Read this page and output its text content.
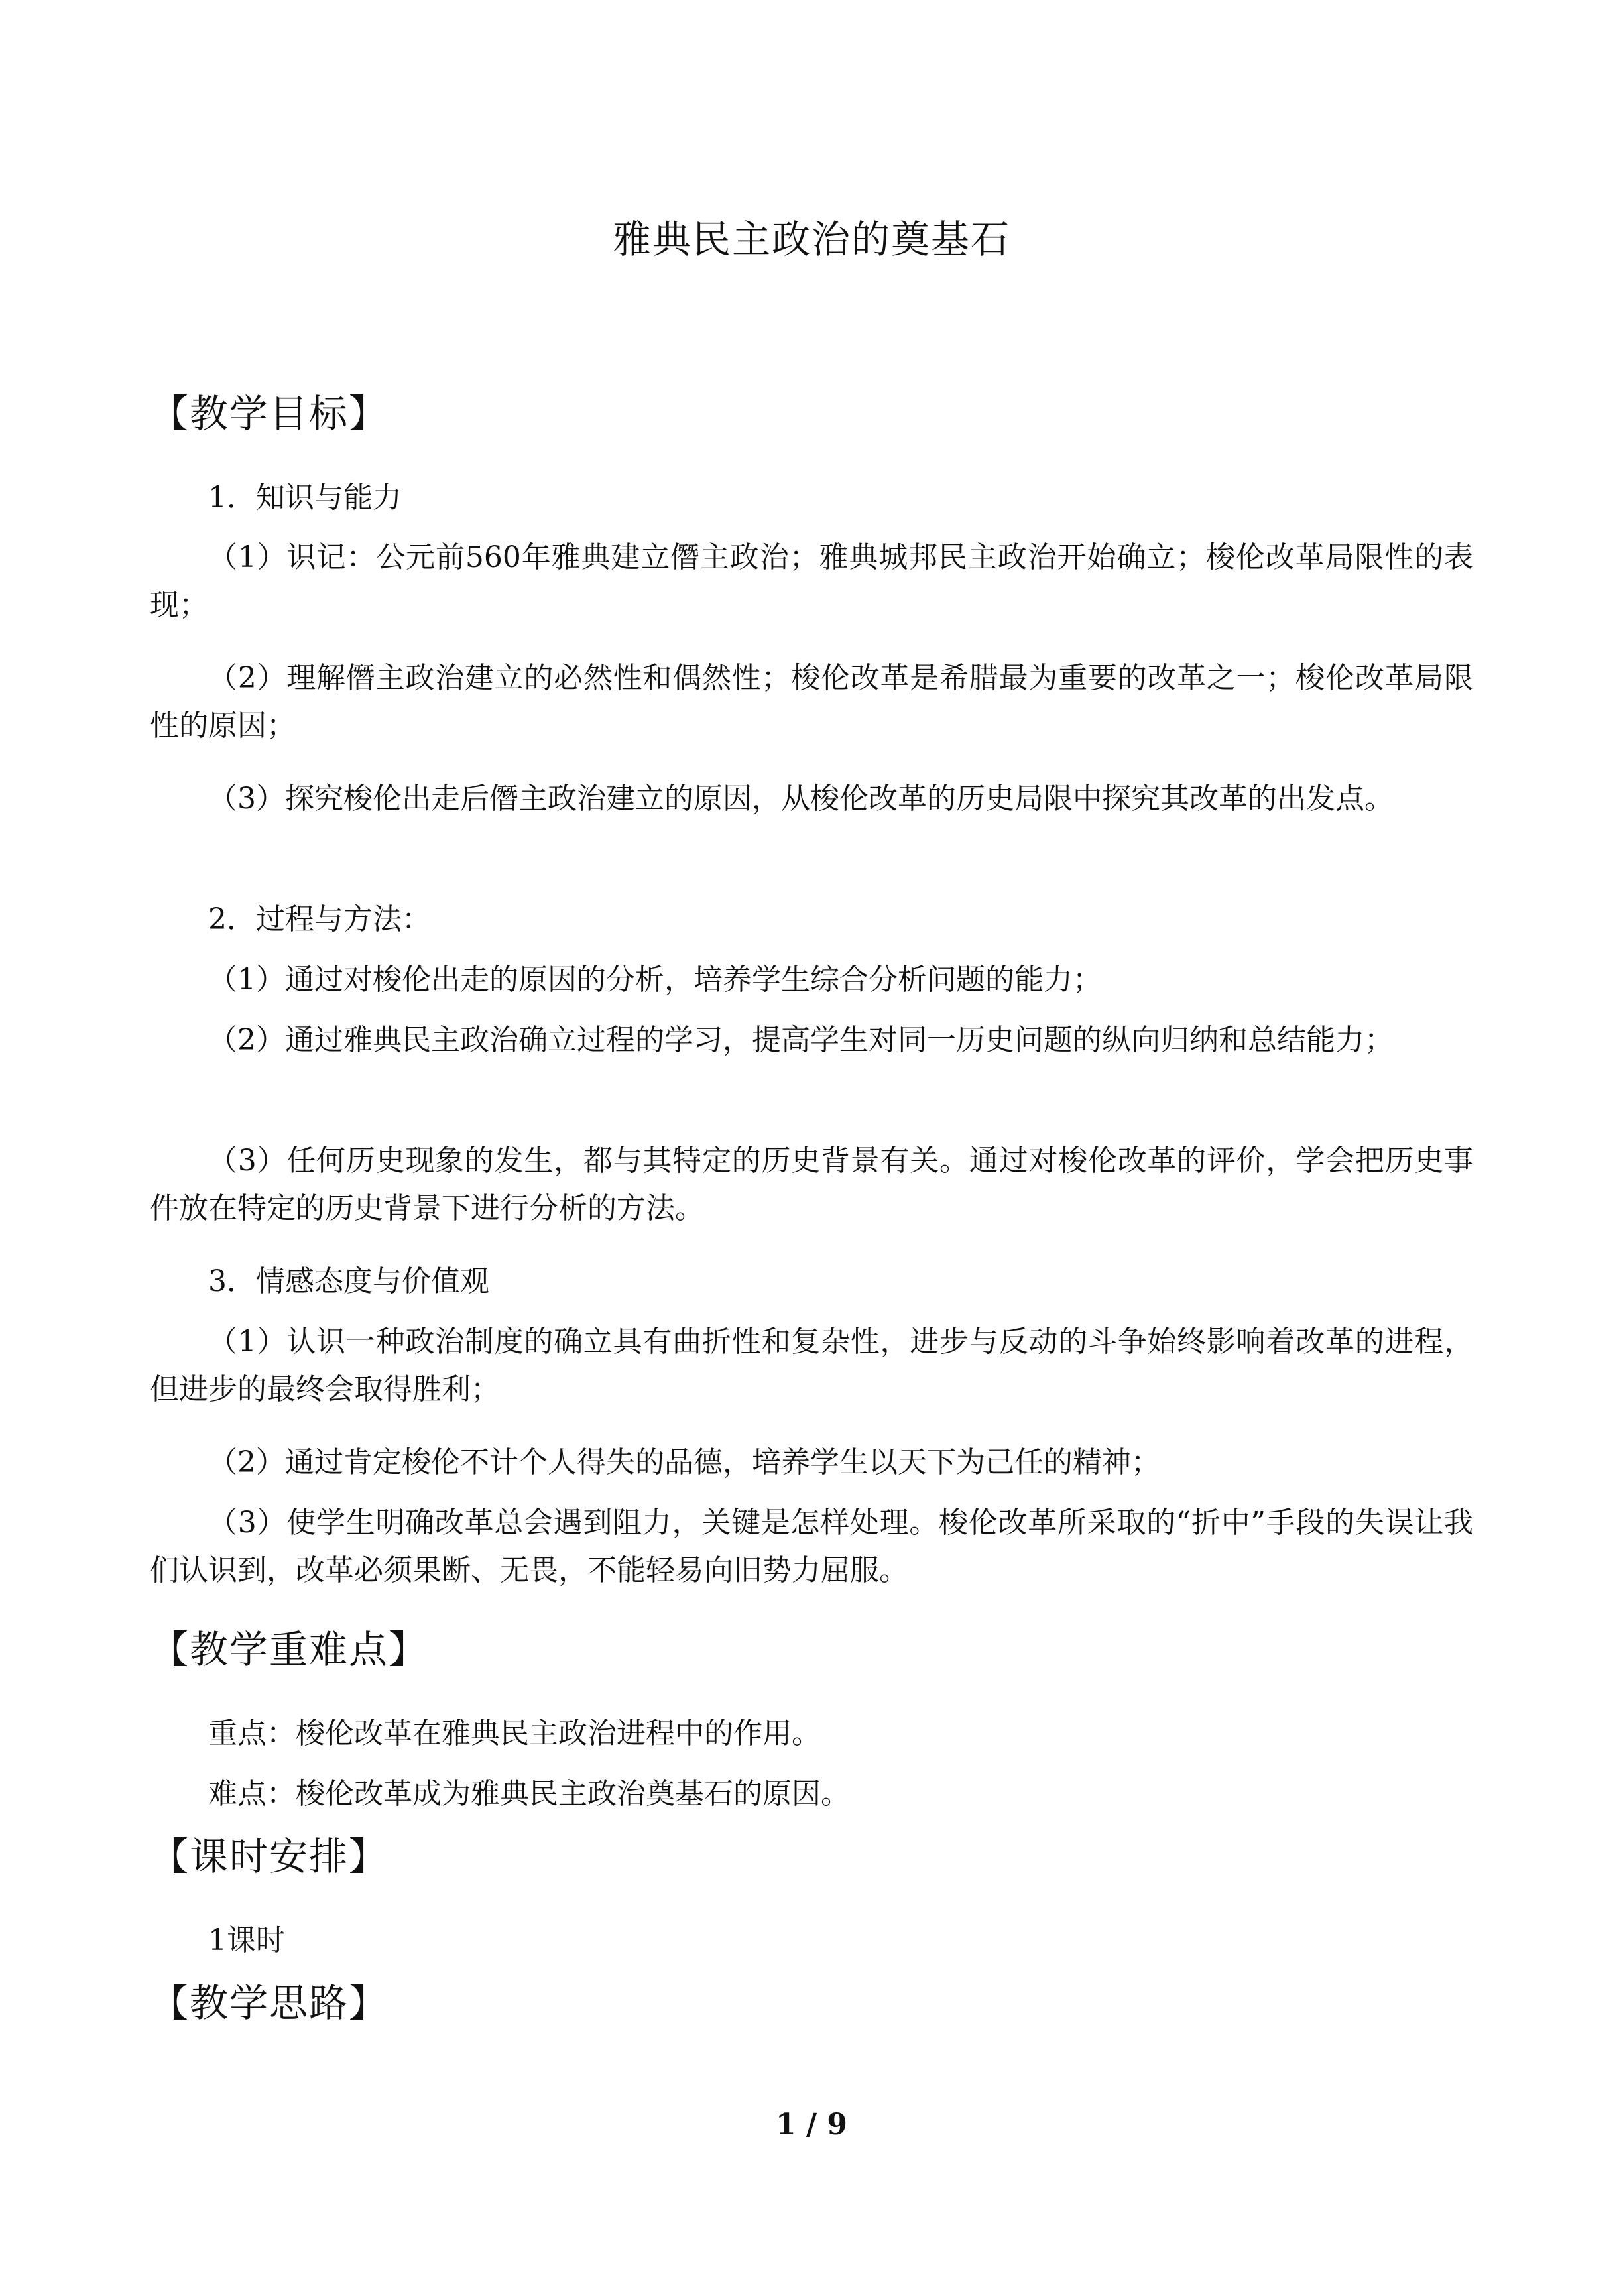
雅典民主政治的奠基石
【教学目标】
1．知识与能力
（1）识记：公元前560年雅典建立僭主政治；雅典城邦民主政治开始确立；梭伦改革局限性的表现；
（2）理解僭主政治建立的必然性和偶然性；梭伦改革是希腊最为重要的改革之一；梭伦改革局限性的原因；
（3）探究梭伦出走后僭主政治建立的原因，从梭伦改革的历史局限中探究其改革的出发点。
2．过程与方法：
（1）通过对梭伦出走的原因的分析，培养学生综合分析问题的能力；
（2）通过雅典民主政治确立过程的学习，提高学生对同一历史问题的纵向归纳和总结能力；
（3）任何历史现象的发生，都与其特定的历史背景有关。通过对梭伦改革的评价，学会把历史事件放在特定的历史背景下进行分析的方法。
3．情感态度与价值观
（1）认识一种政治制度的确立具有曲折性和复杂性，进步与反动的斗争始终影响着改革的进程，但进步的最终会取得胜利；
（2）通过肯定梭伦不计个人得失的品德，培养学生以天下为己任的精神；
（3）使学生明确改革总会遇到阻力，关键是怎样处理。梭伦改革所采取的“折中”手段的失误让我们认识到，改革必须果断、无畏，不能轻易向旧势力屈服。
【教学重难点】
重点：梭伦改革在雅典民主政治进程中的作用。
难点：梭伦改革成为雅典民主政治奠基石的原因。
【课时安排】
1课时
【教学思路】
1 / 9
